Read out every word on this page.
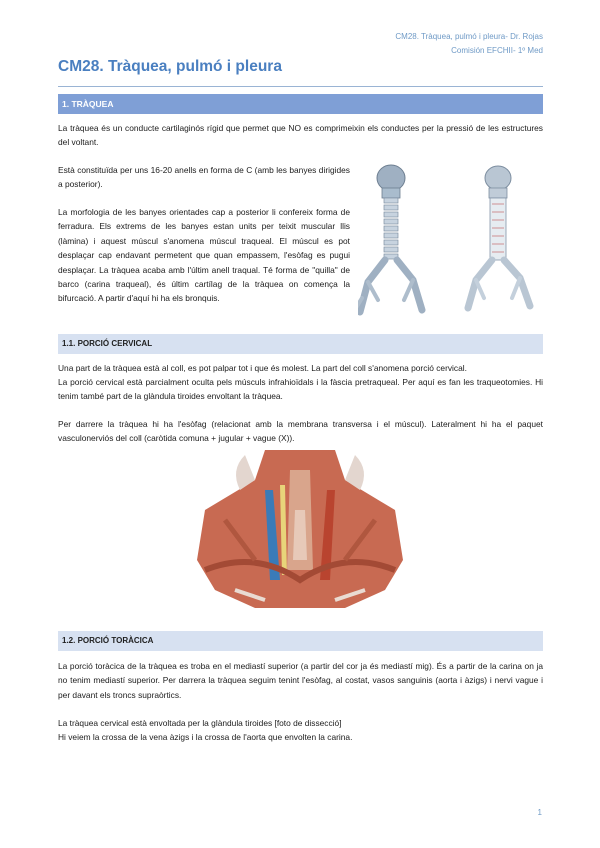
CM28. Tràquea, pulmó i pleura- Dr. Rojas
Comisión EFCHII- 1º Med
CM28. Tràquea, pulmó i pleura
1. TRÀQUEA

La tràquea és un conducte cartilaginós rígid que permet que NO es comprimeixin els conductes per la pressió de les estructures del voltant.

Està constituïda per uns 16-20 anells en forma de C (amb les banyes dirigides a posterior).

La morfologia de les banyes orientades cap a posterior li confereix forma de ferradura. Els extrems de les banyes estan units per teixit muscular llis (làmina) i aquest múscul s'anomena múscul traqueal. El múscul es pot desplaçar cap endavant permetent que quan empassem, l'esòfag es pugui desplaçar. La tràquea acaba amb l'últim anell traqual. Té forma de "quilla" de barco (carina traqueal), és últim cartílag de la tràquea on comença la bifurcació. A partir d'aquí hi ha els bronquis.

1.1. PORCIÓ CERVICAL

Una part de la tràquea està al coll, es pot palpar tot i que és molest. La part del coll s'anomena porció cervical.

La porció cervical està parcialment oculta pels músculs infrahioïdals i la fàscia pretraqueal. Per aquí es fan les traqueotomies. Hi tenim també part de la glàndula tiroides envoltant la tràquea.

Per darrere la tràquea hi ha l'esòfag (relacionat amb la membrana transversa i el múscul). Lateralment hi ha el paquet vasculonerviós del coll (caròtida comuna + jugular + vague (X)).

1.2. PORCIÓ TORÀCICA

La porció toràcica de la tràquea es troba en el mediastí superior (a partir del cor ja és mediastí mig). És a partir de la carina on ja no tenim mediastí superior. Per darrera la tràquea seguim tenint l'esòfag, al costat, vasos sanguinis (aorta i àzigs) i nervi vague i per davant els troncs supraòrtics.

La tràquea cervical està envoltada per la glàndula tiroides [foto de dissecció]

Hi veiem la crossa de la vena àzigs i la crossa de l'aorta que envolten la carina.

1
